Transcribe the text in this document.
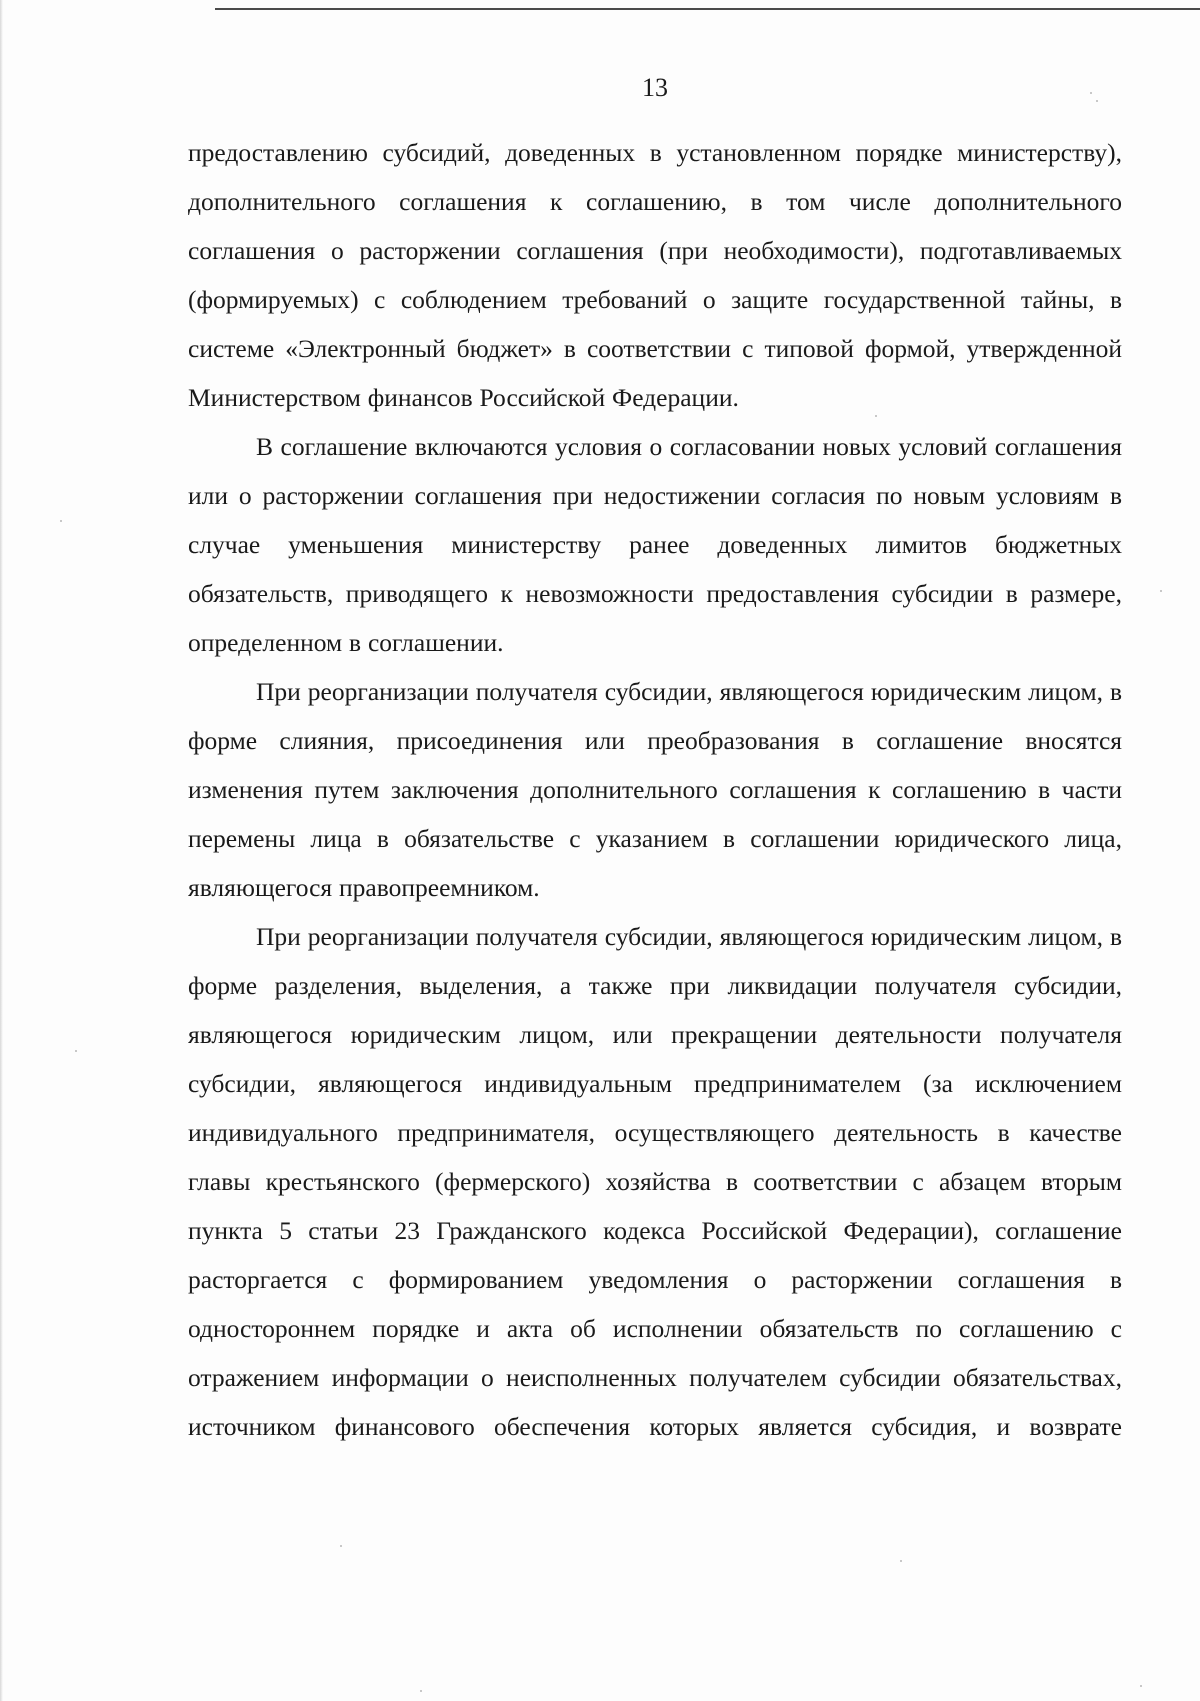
13

предоставлению субсидий, доведенных в установленном порядке министерству), дополнительного соглашения к соглашению, в том числе дополнительного соглашения о расторжении соглашения (при необходимости), подготавливаемых (формируемых) с соблюдением требований о защите государственной тайны, в системе «Электронный бюджет» в соответствии с типовой формой, утвержденной Министерством финансов Российской Федерации.

В соглашение включаются условия о согласовании новых условий соглашения или о расторжении соглашения при недостижении согласия по новым условиям в случае уменьшения министерству ранее доведенных лимитов бюджетных обязательств, приводящего к невозможности предоставления субсидии в размере, определенном в соглашении.

При реорганизации получателя субсидии, являющегося юридическим лицом, в форме слияния, присоединения или преобразования в соглашение вносятся изменения путем заключения дополнительного соглашения к соглашению в части перемены лица в обязательстве с указанием в соглашении юридического лица, являющегося правопреемником.

При реорганизации получателя субсидии, являющегося юридическим лицом, в форме разделения, выделения, а также при ликвидации получателя субсидии, являющегося юридическим лицом, или прекращении деятельности получателя субсидии, являющегося индивидуальным предпринимателем (за исключением индивидуального предпринимателя, осуществляющего деятельность в качестве главы крестьянского (фермерского) хозяйства в соответствии с абзацем вторым пункта 5 статьи 23 Гражданского кодекса Российской Федерации), соглашение расторгается с формированием уведомления о расторжении соглашения в одностороннем порядке и акта об исполнении обязательств по соглашению с отражением информации о неисполненных получателем субсидии обязательствах, источником финансового обеспечения которых является субсидия, и возврате
